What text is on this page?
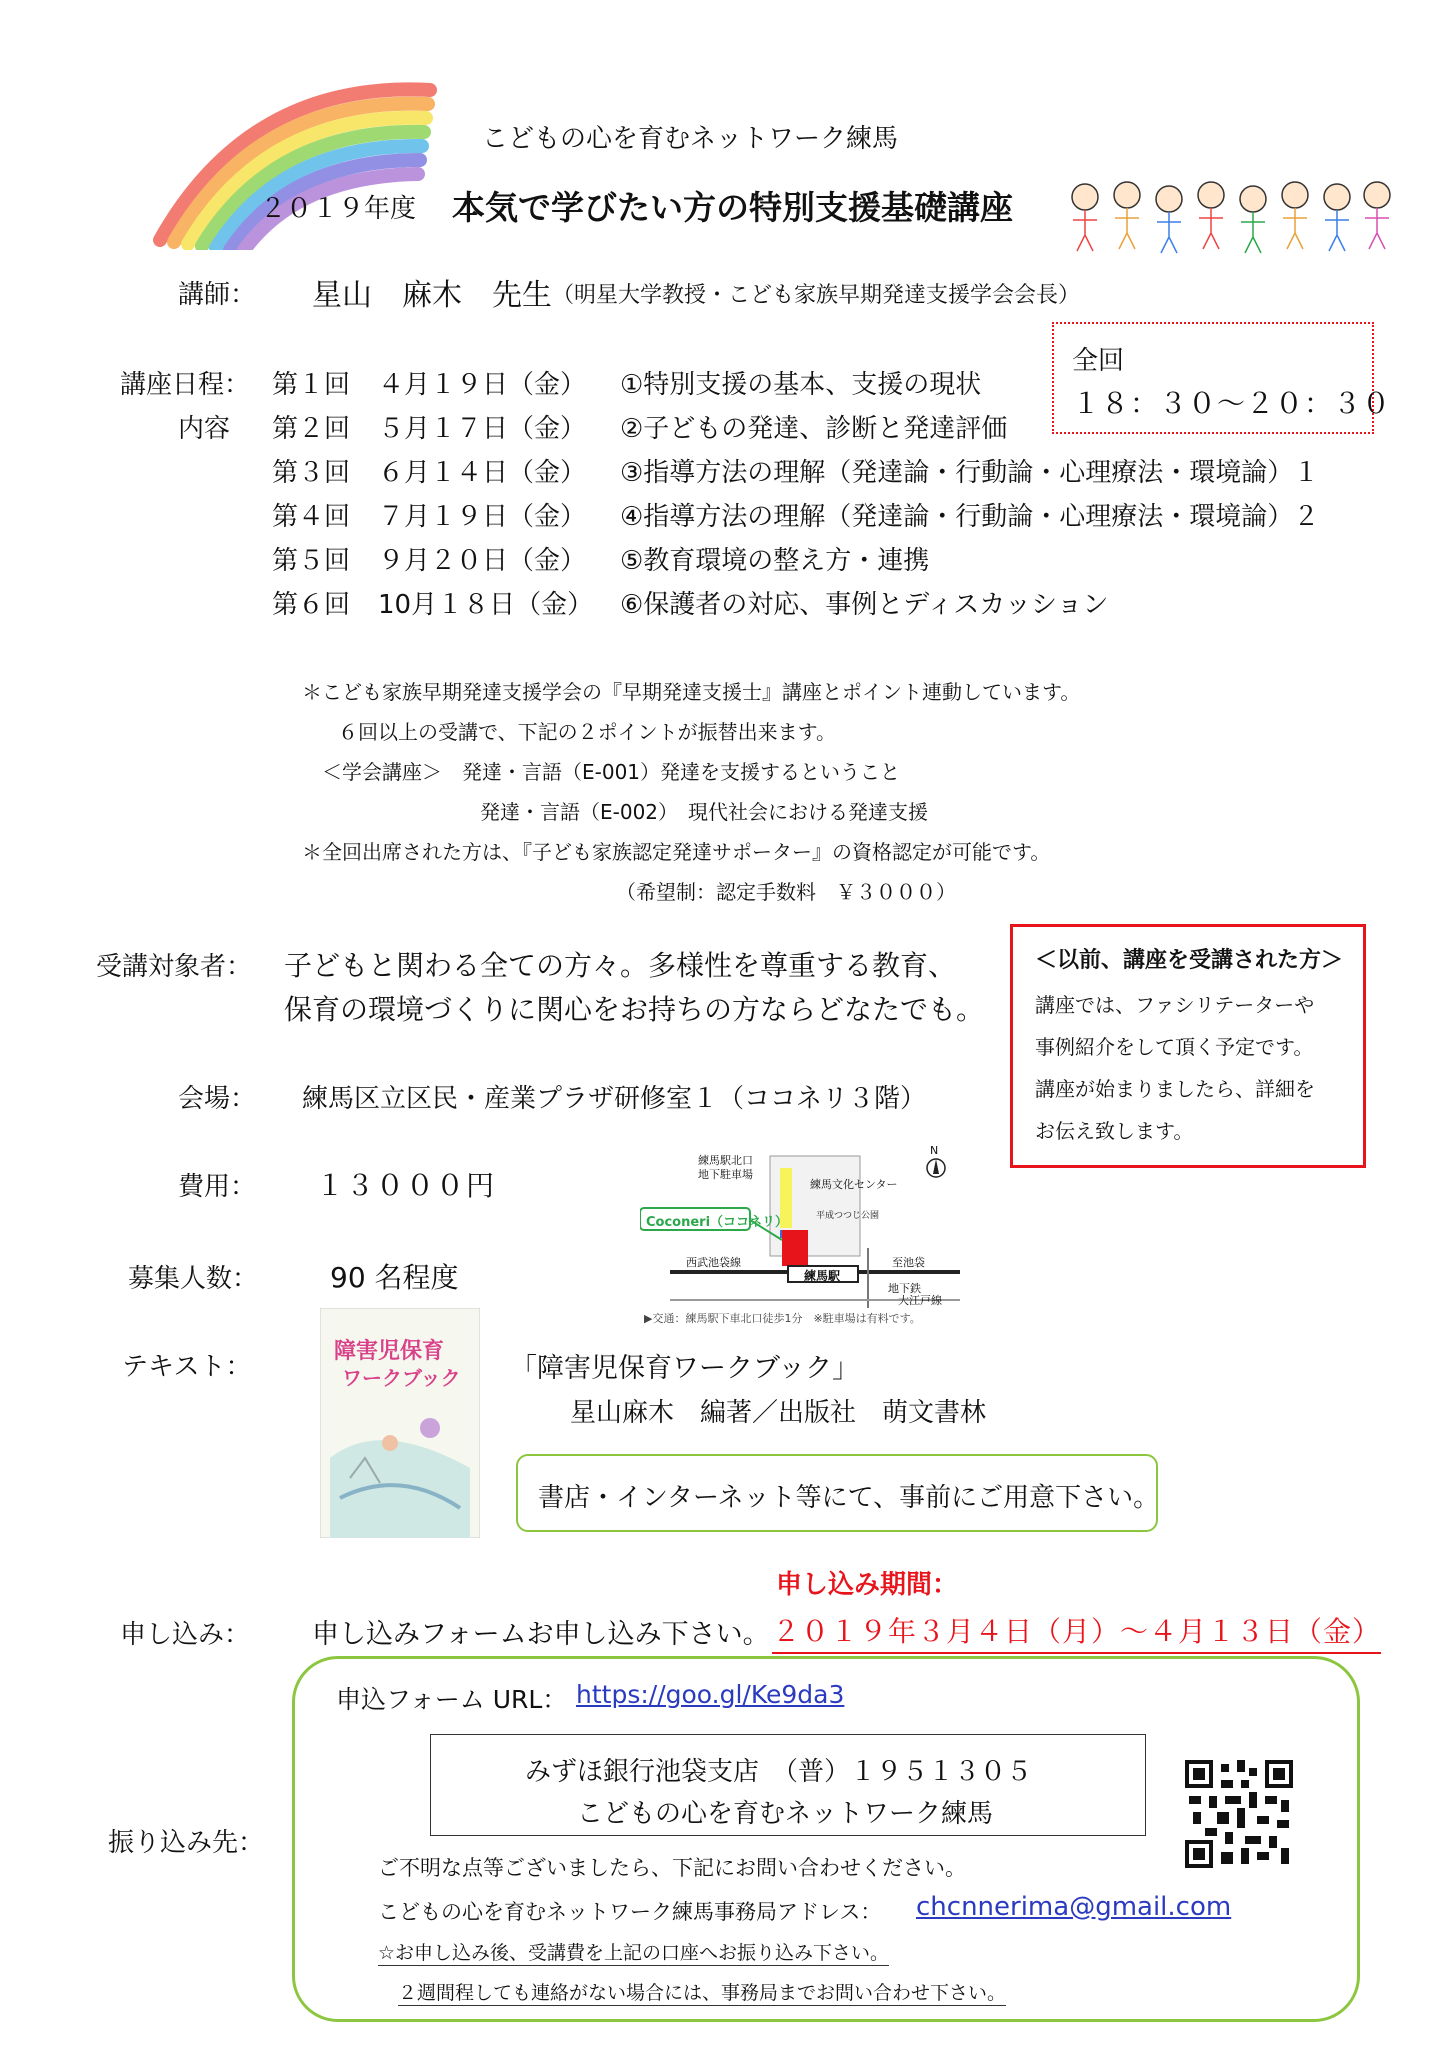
こどもの心を育むネットワーク練馬
２０１９年度 本気で学びたい方の特別支援基礎講座
講師： 星山　麻木　先生 （明星大学教授・こども家族早期発達支援学会会長）
全回
１８：３０〜２０：３０
講座日程：
内容
第１回 ４月１９日（金） ①特別支援の基本、支援の現状
第２回 ５月１７日（金） ②子どもの発達、診断と発達評価
第３回 ６月１４日（金） ③指導方法の理解（発達論・行動論・心理療法・環境論）１
第４回 ７月１９日（金） ④指導方法の理解（発達論・行動論・心理療法・環境論）２
第５回 ９月２０日（金） ⑤教育環境の整え方・連携
第６回 10月１８日（金） ⑥保護者の対応、事例とディスカッション
＊こども家族早期発達支援学会の『早期発達支援士』講座とポイント連動しています。
６回以上の受講で、下記の２ポイントが振替出来ます。
＜学会講座＞　発達・言語（E-001）発達を支援するということ
発達・言語（E-002）　現代社会における発達支援
＊全回出席された方は、『子ども家族認定発達サポーター』の資格認定が可能です。
（希望制：認定手数料　￥３０００）
受講対象者： 子どもと関わる全ての方々。多様性を尊重する教育、
保育の環境づくりに関心をお持ちの方ならどなたでも。
＜以前、講座を受講された方＞
講座では、ファシリテーターや
事例紹介をして頂く予定です。
講座が始まりましたら、詳細を
お伝え致します。
会場： 練馬区立区民・産業プラザ研修室１（ココネリ３階）
費用： １３０００円
募集人数：	90 名程度
N
練馬駅北口
地下駐車場
練馬文化センター
平成つつじ公園
Coconeri（ココネリ）
西武池袋線
練馬駅
至池袋
地下鉄
大江戸線
▶交通：練馬駅下車北口徒歩1分　※駐車場は有料です。
テキスト：
障害児保育
ワークブック 「障害児保育ワークブック」
星山麻木　編著／出版社　萌文書林
書店・インターネット等にて、事前にご用意下さい。
申し込み期間：
申し込み： 申し込みフォームお申し込み下さい。 ２０１９年３月４日（月）〜４月１３日（金）
申込フォーム URL： https://goo.gl/Ke9da3
みずほ銀行池袋支店　（普）１９５１３０５
こどもの心を育むネットワーク練馬
振り込み先：
ご不明な点等ございましたら、下記にお問い合わせください。
こどもの心を育むネットワーク練馬事務局アドレス： chcnnerima@gmail.com
☆お申し込み後、受講費を上記の口座へお振り込み下さい。
２週間程しても連絡がない場合には、事務局までお問い合わせ下さい。
